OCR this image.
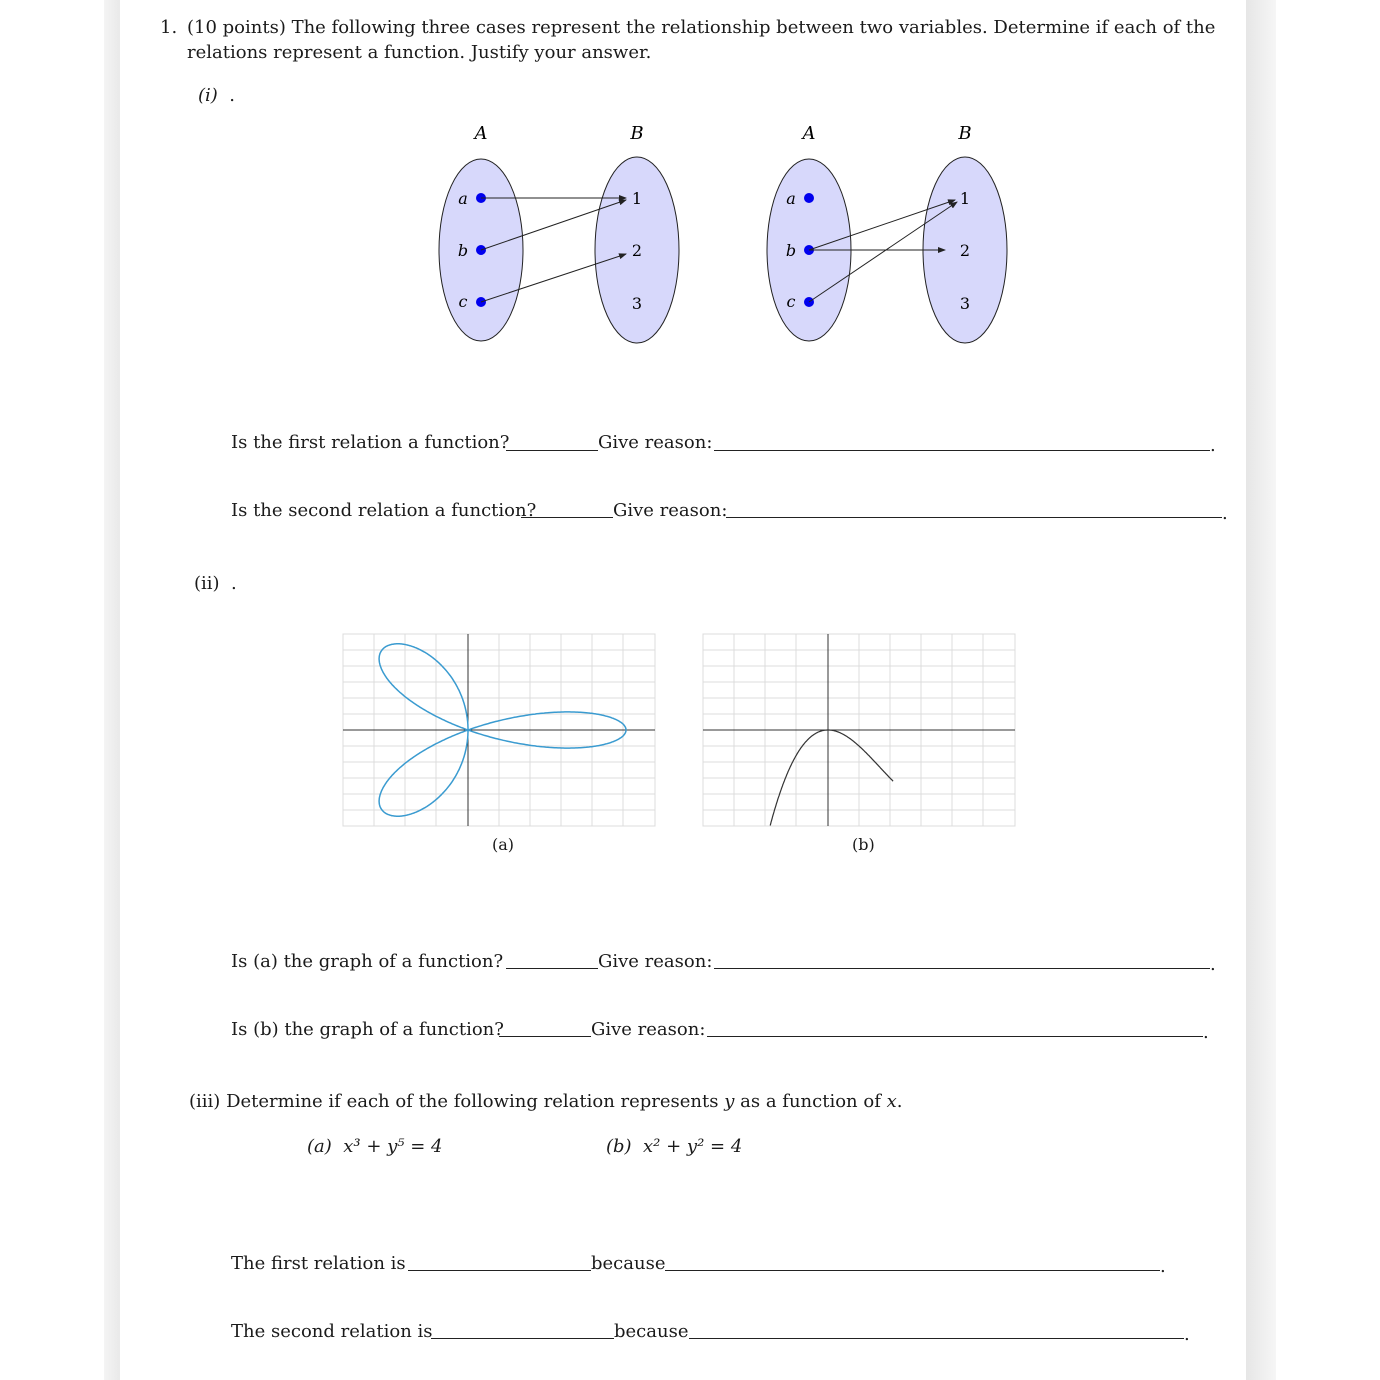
1. (10 points) The following three cases represent the relationship between two variables. Determine if each of the
relations represent a function. Justify your answer.
(i) .
A	B
a
b
c
1
2
3
A	B
a
b
c
1
2
3
Is the first relation a function?	Give reason:	.
Is the second relation a function?	Give reason:	.
(ii) .
(a)	(b)
Is (a) the graph of a function?	Give reason:	.
Is (b) the graph of a function?	Give reason:	.
(iii) Determine if each of the following relation represents y as a function of x.
(a) x³ + y⁵ = 4	(b) x² + y² = 4
The first relation is	because	.
The second relation is	because	.
